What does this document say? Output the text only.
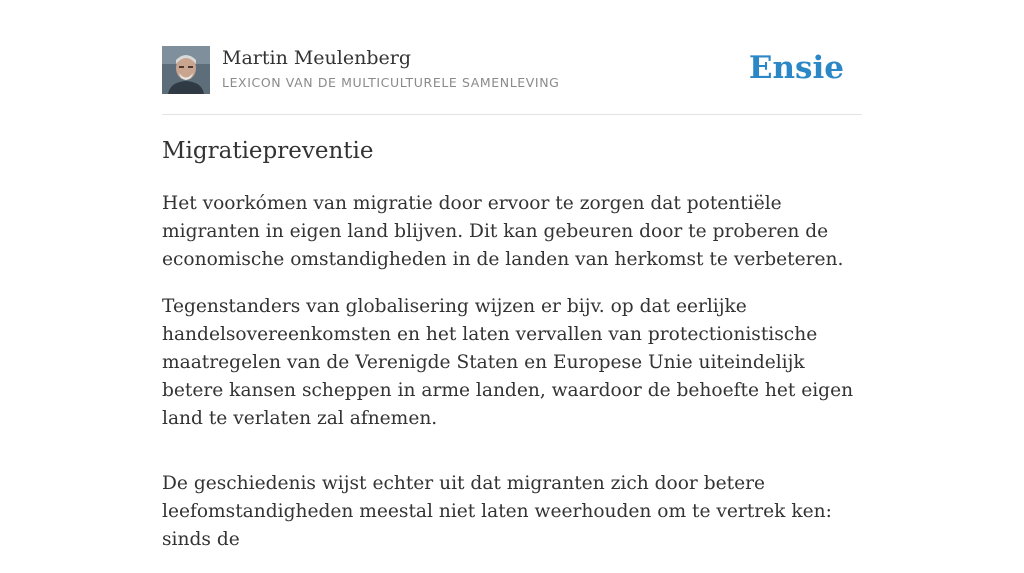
Martin Meulenberg
LEXICON VAN DE MULTICULTURELE SAMENLEVING	Ensie
Migratiepreventie

Het voorkómen van migratie door ervoor te zorgen dat potentiële migranten in eigen land blijven. Dit kan gebeuren door te proberen de economische omstandigheden in de landen van herkomst te verbeteren.

Tegenstanders van globalisering wijzen er bijv. op dat eerlijke handelsovereenkomsten en het laten vervallen van protectionistische maatregelen van de Verenigde Staten en Europese Unie uiteindelijk betere kansen scheppen in arme landen, waardoor de behoefte het eigen land te verlaten zal afnemen.

De geschiedenis wijst echter uit dat migranten zich door betere leefomstandigheden meestal niet laten weerhouden om te vertrek ken: sinds de
